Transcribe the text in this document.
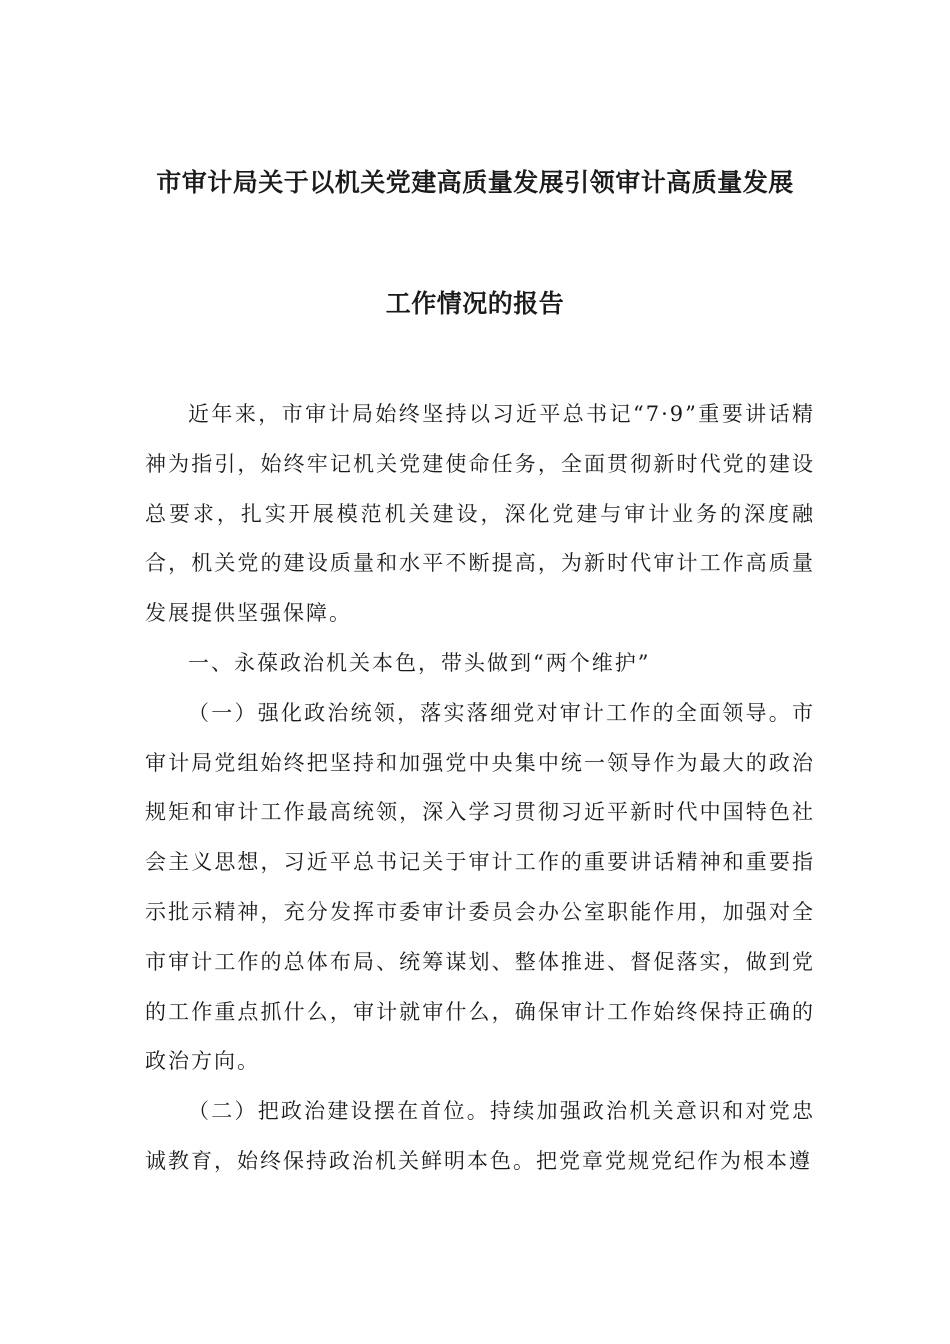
市审计局关于以机关党建高质量发展引领审计高质量发展
工作情况的报告

近年来，市审计局始终坚持以习近平总书记“7·9”重要讲话精神为指引，始终牢记机关党建使命任务，全面贯彻新时代党的建设总要求，扎实开展模范机关建设，深化党建与审计业务的深度融合，机关党的建设质量和水平不断提高，为新时代审计工作高质量发展提供坚强保障。

一、永葆政治机关本色，带头做到“两个维护”

（一）强化政治统领，落实落细党对审计工作的全面领导。市审计局党组始终把坚持和加强党中央集中统一领导作为最大的政治规矩和审计工作最高统领，深入学习贯彻习近平新时代中国特色社会主义思想，习近平总书记关于审计工作的重要讲话精神和重要指示批示精神，充分发挥市委审计委员会办公室职能作用，加强对全市审计工作的总体布局、统筹谋划、整体推进、督促落实，做到党的工作重点抓什么，审计就审什么，确保审计工作始终保持正确的政治方向。

（二）把政治建设摆在首位。持续加强政治机关意识和对党忠诚教育，始终保持政治机关鲜明本色。把党章党规党纪作为根本遵
